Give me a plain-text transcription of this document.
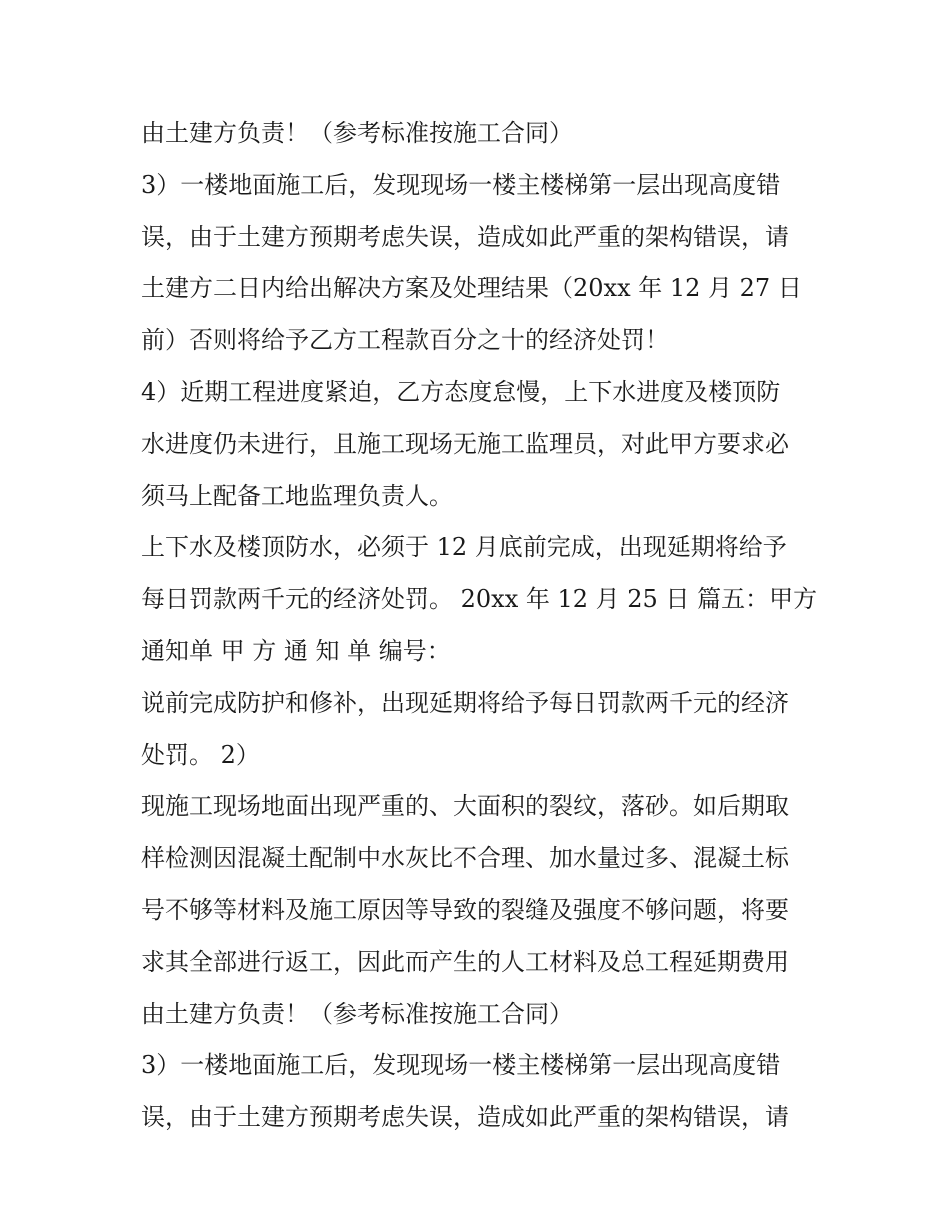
由土建方负责！（参考标准按施工合同）
3）一楼地面施工后，发现现场一楼主楼梯第一层出现高度错
误，由于土建方预期考虑失误，造成如此严重的架构错误，请
土建方二日内给出解决方案及处理结果（20xx 年 12 月 27 日
前）否则将给予乙方工程款百分之十的经济处罚！
4）近期工程进度紧迫，乙方态度怠慢，上下水进度及楼顶防
水进度仍未进行，且施工现场无施工监理员，对此甲方要求必
须马上配备工地监理负责人。
上下水及楼顶防水，必须于 12 月底前完成，出现延期将给予
每日罚款两千元的经济处罚。 20xx 年 12 月 25 日 篇五：甲方
通知单 甲 方 通 知 单 编号：
说前完成防护和修补，出现延期将给予每日罚款两千元的经济
处罚。 2）
现施工现场地面出现严重的、大面积的裂纹，落砂。如后期取
样检测因混凝土配制中水灰比不合理、加水量过多、混凝土标
号不够等材料及施工原因等导致的裂缝及强度不够问题，将要
求其全部进行返工，因此而产生的人工材料及总工程延期费用
由土建方负责！（参考标准按施工合同）
3）一楼地面施工后，发现现场一楼主楼梯第一层出现高度错
误，由于土建方预期考虑失误，造成如此严重的架构错误，请
